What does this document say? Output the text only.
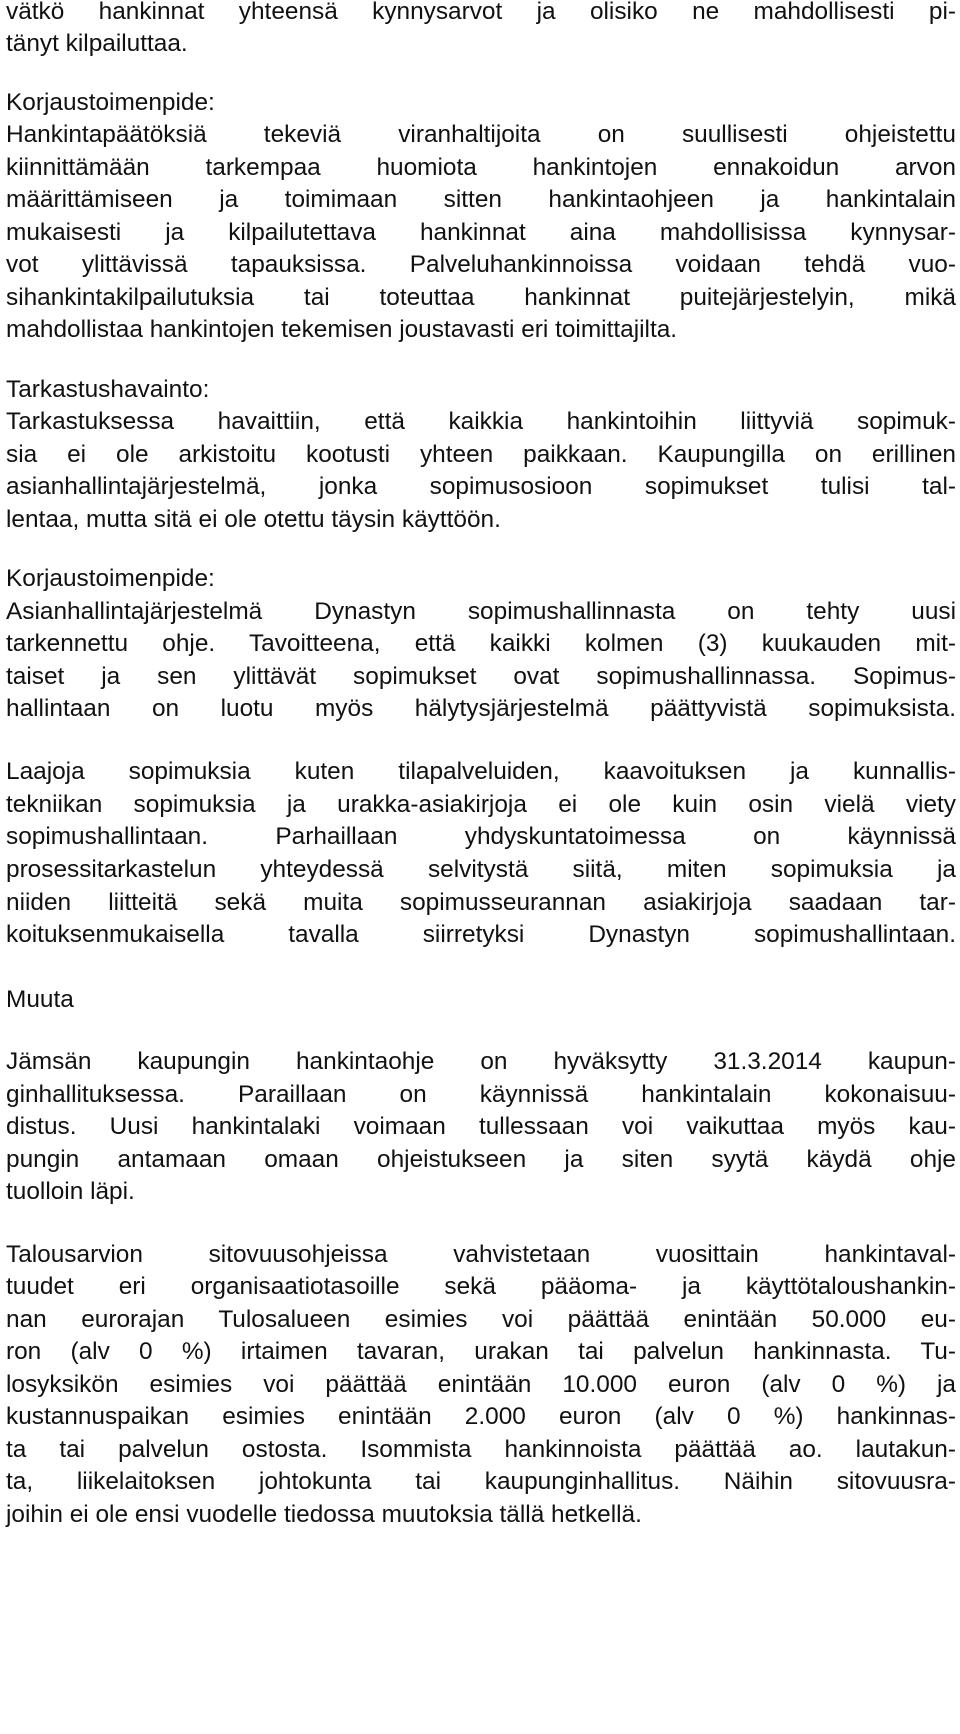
vätkö hankinnat yhteensä kynnysarvot ja olisiko ne mahdollisesti pi-
tänyt kilpailuttaa.
Korjaustoimenpide:
Hankintapäätöksiä tekeviä viranhaltijoita on suullisesti ohjeistettu
kiinnittämään tarkempaa huomiota hankintojen ennakoidun arvon
määrittämiseen ja toimimaan sitten hankintaohjeen ja hankintalain
mukaisesti ja kilpailutettava hankinnat aina mahdollisissa kynnysar-
vot ylittävissä tapauksissa. Palveluhankinnoissa voidaan tehdä vuo-
sihankintakilpailutuksia tai toteuttaa hankinnat puitejärjestelyin, mikä
mahdollistaa hankintojen tekemisen joustavasti eri toimittajilta.
Tarkastushavainto:
Tarkastuksessa havaittiin, että kaikkia hankintoihin liittyviä sopimuk-
sia ei ole arkistoitu kootusti yhteen paikkaan. Kaupungilla on erillinen
asianhallintajärjestelmä, jonka sopimusosioon sopimukset tulisi tal-
lentaa, mutta sitä ei ole otettu täysin käyttöön.
Korjaustoimenpide:
Asianhallintajärjestelmä Dynastyn sopimushallinnasta on tehty uusi
tarkennettu ohje. Tavoitteena, että kaikki kolmen (3) kuukauden mit-
taiset ja sen ylittävät sopimukset ovat sopimushallinnassa. Sopimus-
hallintaan on luotu myös hälytysjärjestelmä päättyvistä sopimuksista.
Laajoja sopimuksia kuten tilapalveluiden, kaavoituksen ja kunnallis-
tekniikan sopimuksia ja urakka-asiakirjoja ei ole kuin osin vielä viety
sopimushallintaan. Parhaillaan yhdyskuntatoimessa on käynnissä
prosessitarkastelun yhteydessä selvitystä siitä, miten sopimuksia ja
niiden liitteitä sekä muita sopimusseurannan asiakirjoja saadaan tar-
koituksenmukaisella tavalla siirretyksi Dynastyn sopimushallintaan.
Muuta
Jämsän kaupungin hankintaohje on hyväksytty 31.3.2014 kaupun-
ginhallituksessa. Paraillaan on käynnissä hankintalain kokonaisuu-
distus. Uusi hankintalaki voimaan tullessaan voi vaikuttaa myös kau-
pungin antamaan omaan ohjeistukseen ja siten syytä käydä ohje
tuolloin läpi.
Talousarvion sitovuusohjeissa vahvistetaan vuosittain hankintaval-
tuudet eri organisaatiotasoille sekä pääoma- ja käyttötaloushankin-
nan eurorajan Tulosalueen esimies voi päättää enintään 50.000 eu-
ron (alv 0 %) irtaimen tavaran, urakan tai palvelun hankinnasta. Tu-
losyksikön esimies voi päättää enintään 10.000 euron (alv 0 %) ja
kustannuspaikan esimies enintään 2.000 euron (alv 0 %) hankinnas-
ta tai palvelun ostosta. Isommista hankinnoista päättää ao. lautakun-
ta, liikelaitoksen johtokunta tai kaupunginhallitus. Näihin sitovuusra-
joihin ei ole ensi vuodelle tiedossa muutoksia tällä hetkellä.
